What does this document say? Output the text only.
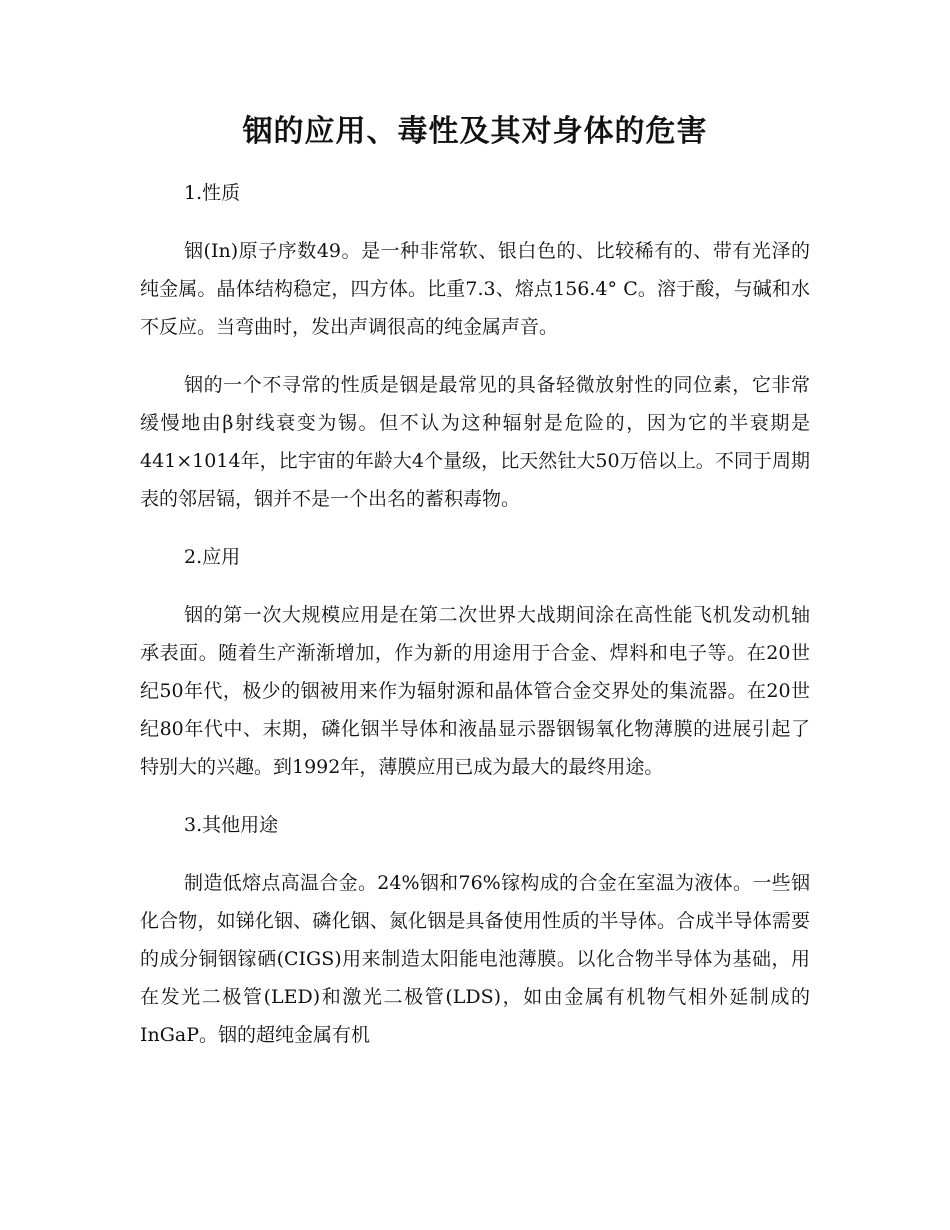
铟的应用、毒性及其对身体的危害

1.性质

铟(In)原子序数49。是一种非常软、银白色的、比较稀有的、带有光泽的纯金属。晶体结构稳定，四方体。比重7.3、熔点156.4° C。溶于酸，与碱和水不反应。当弯曲时，发出声调很高的纯金属声音。

铟的一个不寻常的性质是铟是最常见的具备轻微放射性的同位素，它非常缓慢地由β射线衰变为锡。但不认为这种辐射是危险的，因为它的半衰期是441×1014年，比宇宙的年龄大4个量级，比天然钍大50万倍以上。不同于周期表的邻居镉，铟并不是一个出名的蓄积毒物。

2.应用

铟的第一次大规模应用是在第二次世界大战期间涂在高性能飞机发动机轴承表面。随着生产渐渐增加，作为新的用途用于合金、焊料和电子等。在20世纪50年代，极少的铟被用来作为辐射源和晶体管合金交界处的集流器。在20世纪80年代中、末期，磷化铟半导体和液晶显示器铟锡氧化物薄膜的进展引起了特别大的兴趣。到1992年，薄膜应用已成为最大的最终用途。

3.其他用途

制造低熔点高温合金。24%铟和76%镓构成的合金在室温为液体。一些铟化合物，如锑化铟、磷化铟、氮化铟是具备使用性质的半导体。合成半导体需要的成分铜铟镓硒(CIGS)用来制造太阳能电池薄膜。以化合物半导体为基础，用在发光二极管(LED)和激光二极管(LDS)，如由金属有机物气相外延制成的InGaP。铟的超纯金属有机
